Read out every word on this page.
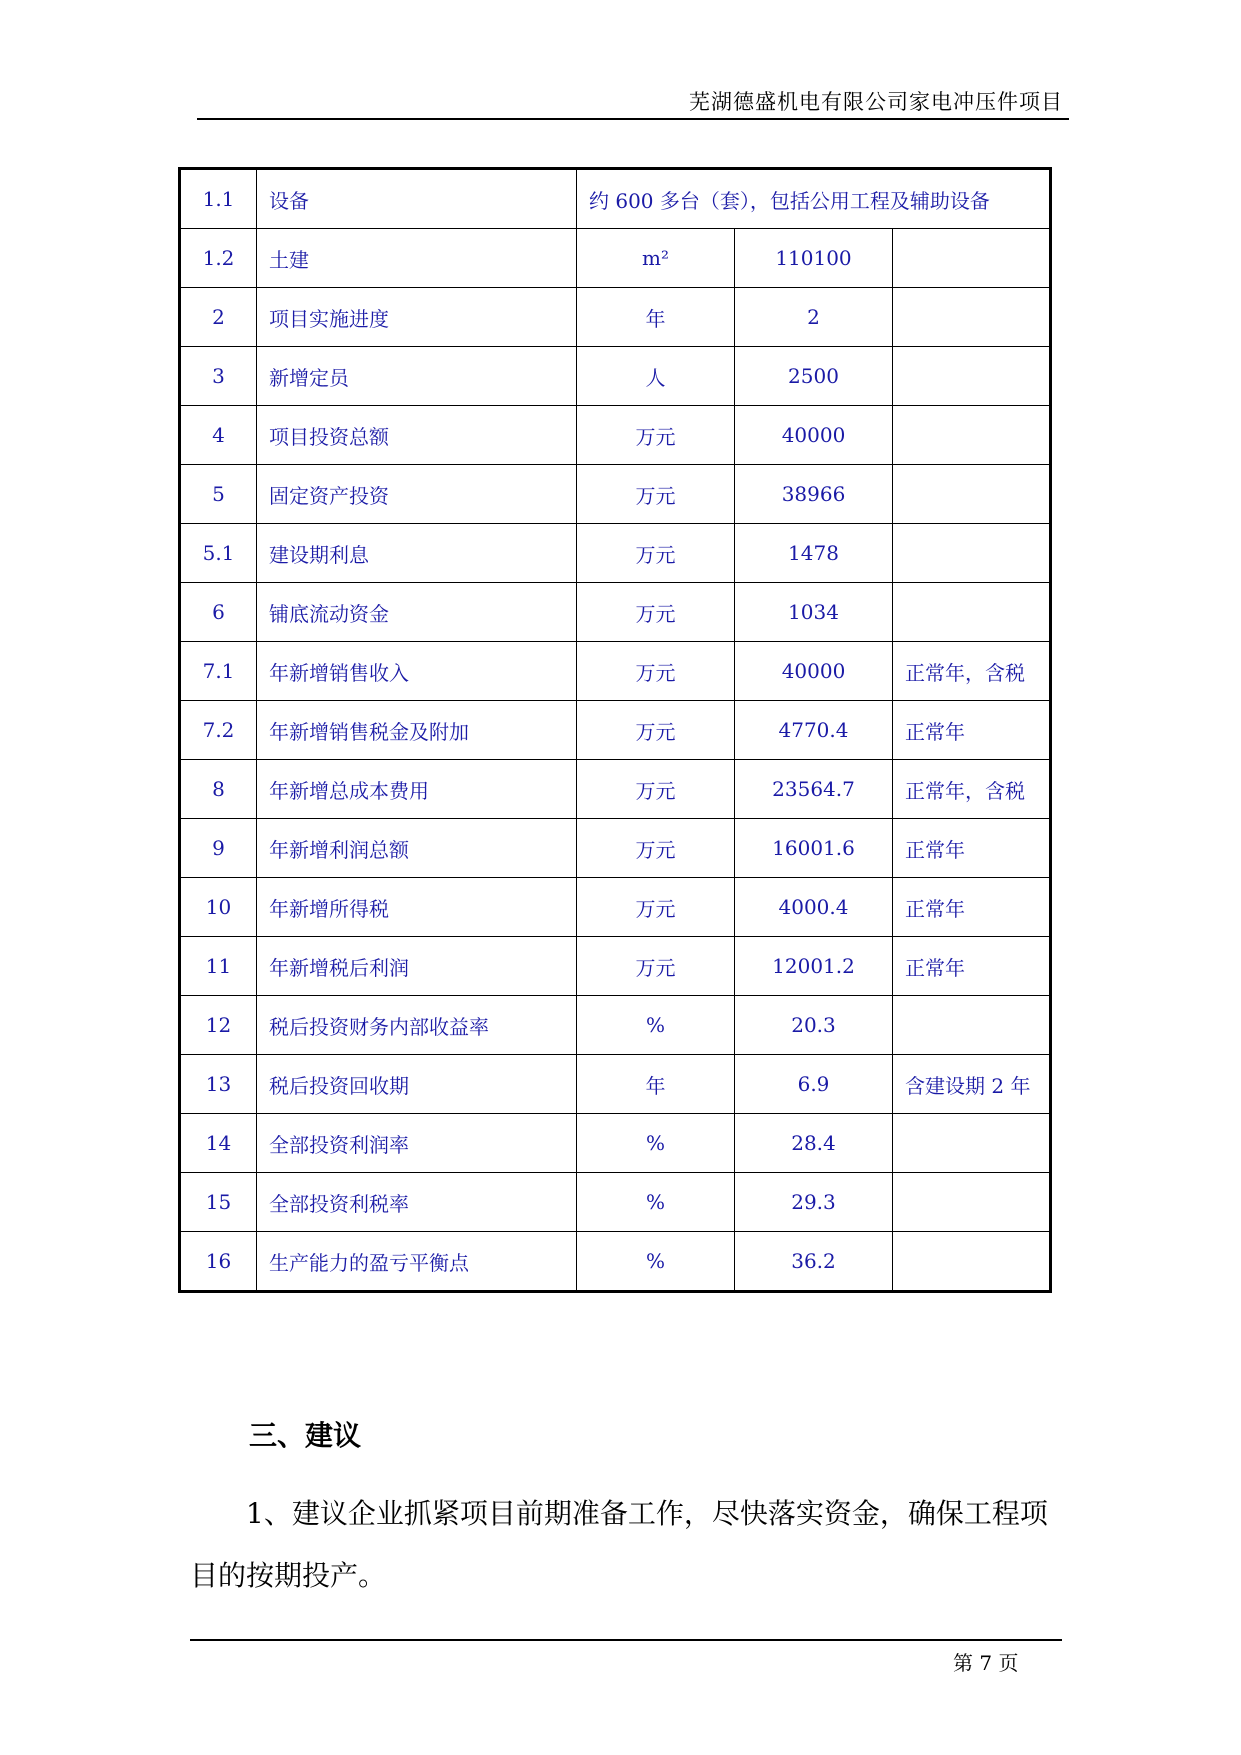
芜湖德盛机电有限公司家电冲压件项目
1.1	设备	约 600 多台（套），包括公用工程及辅助设备		
1.2	土建	m²	110100	
2	项目实施进度	年	2	
3	新增定员	人	2500	
4	项目投资总额	万元	40000	
5	固定资产投资	万元	38966	
5.1	建设期利息	万元	1478	
6	铺底流动资金	万元	1034	
7.1	年新增销售收入	万元	40000	正常年，含税
7.2	年新增销售税金及附加	万元	4770.4	正常年
8	年新增总成本费用	万元	23564.7	正常年，含税
9	年新增利润总额	万元	16001.6	正常年
10	年新增所得税	万元	4000.4	正常年
11	年新增税后利润	万元	12001.2	正常年
12	税后投资财务内部收益率	%	20.3	
13	税后投资回收期	年	6.9	含建设期 2 年
14	全部投资利润率	%	28.4	
15	全部投资利税率	%	29.3	
16	生产能力的盈亏平衡点	%	36.2	
三、建议
1、建议企业抓紧项目前期准备工作，尽快落实资金，确保工程项目的按期投产。
第 7 页
